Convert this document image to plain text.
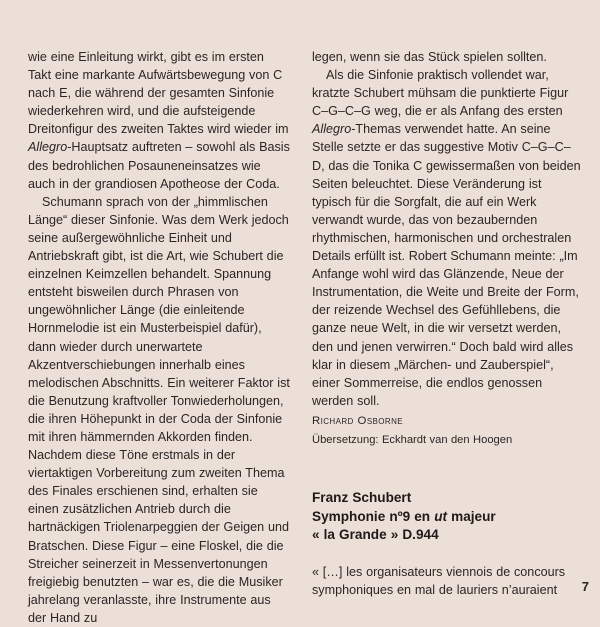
wie eine Einleitung wirkt, gibt es im ersten Takt eine markante Aufwärtsbewegung von C nach E, die während der gesamten Sinfonie wiederkehren wird, und die aufsteigende Dreitonfigur des zweiten Taktes wird wieder im Allegro-Hauptsatz auftreten – sowohl als Basis des bedrohlichen Posauneneinsatzes wie auch in der grandiosen Apotheose der Coda.

Schumann sprach von der „himmlischen Länge“ dieser Sinfonie. Was dem Werk jedoch seine außergewöhnliche Einheit und Antriebskraft gibt, ist die Art, wie Schubert die einzelnen Keimzellen behandelt. Spannung entsteht bisweilen durch Phrasen von ungewöhnlicher Länge (die einleitende Hornmelodie ist ein Musterbeispiel dafür), dann wieder durch unerwartete Akzentverschiebungen innerhalb eines melodischen Abschnitts. Ein weiterer Faktor ist die Benutzung kraftvoller Tonwiederholungen, die ihren Höhepunkt in der Coda der Sinfonie mit ihren hämmernden Akkorden finden. Nachdem diese Töne erstmals in der viertaktigen Vorbereitung zum zweiten Thema des Finales erschienen sind, erhalten sie einen zusätzlichen Antrieb durch die hartnäckigen Triolenarpeggien der Geigen und Bratschen. Diese Figur – eine Floskel, die die Streicher seinerzeit in Messenvertonungen freigiebig benutzten – war es, die die Musiker jahrelang veranlasste, ihre Instrumente aus der Hand zu

legen, wenn sie das Stück spielen sollten.

Als die Sinfonie praktisch vollendet war, kratzte Schubert mühsam die punktierte Figur C–G–C–G weg, die er als Anfang des ersten Allegro-Themas verwendet hatte. An seine Stelle setzte er das suggestive Motiv C–G–C–D, das die Tonika C gewissermaßen von beiden Seiten beleuchtet. Diese Veränderung ist typisch für die Sorgfalt, die auf ein Werk verwandt wurde, das von bezaubernden rhythmischen, harmonischen und orchestralen Details erfüllt ist. Robert Schumann meinte: „Im Anfange wohl wird das Glänzende, Neue der Instrumentation, die Weite und Breite der Form, der reizende Wechsel des Gefühllebens, die ganze neue Welt, in die wir versetzt werden, den und jenen verwirren.“ Doch bald wird alles klar in diesem „Märchen- und Zauberspiel“, einer Sommerreise, die endlos genossen werden soll.

Richard Osborne

Übersetzung: Eckhardt van den Hoogen

Franz Schubert
Symphonie nº9 en ut majeur
« la Grande » D.944

« […] les organisateurs viennois de concours symphoniques en mal de lauriers n’auraient	7
